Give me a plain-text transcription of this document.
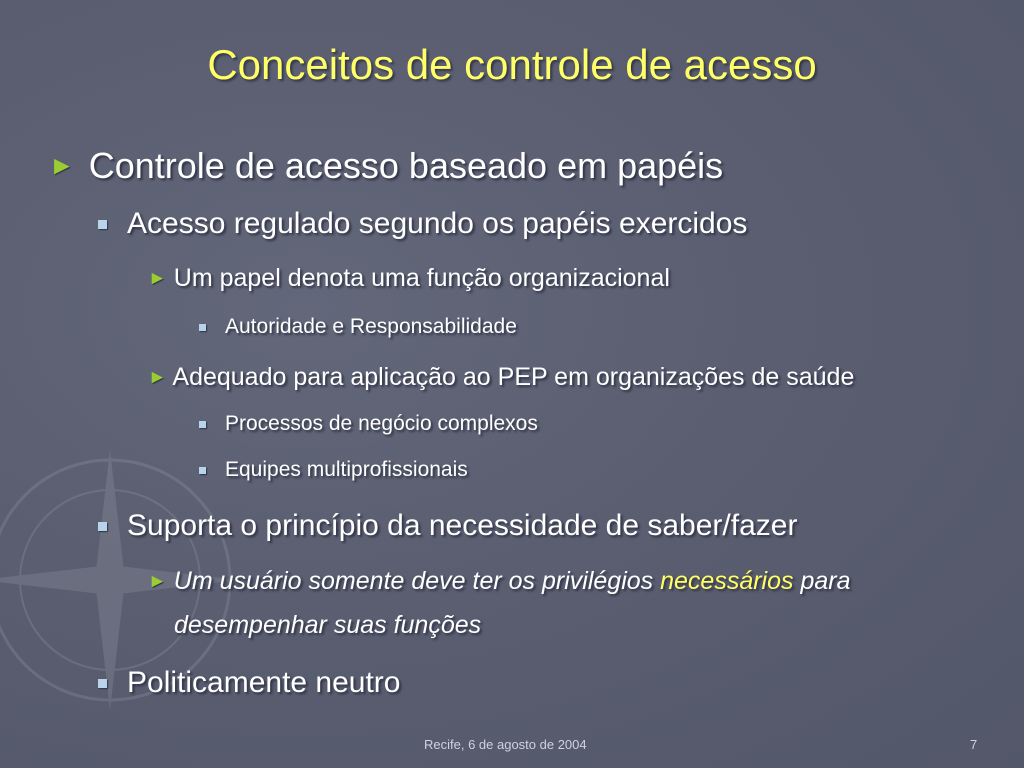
Conceitos de controle de acesso
► Controle de acesso baseado em papéis
Acesso regulado segundo os papéis exercidos
► Um papel denota uma função organizacional
Autoridade e Responsabilidade
► Adequado para aplicação ao PEP em organizações de saúde
Processos de negócio complexos
Equipes multiprofissionais
Suporta o princípio da necessidade de saber/fazer
► Um usuário somente deve ter os privilégios necessários para
desempenhar suas funções
Politicamente neutro
Recife, 6 de agosto de 2004	7
